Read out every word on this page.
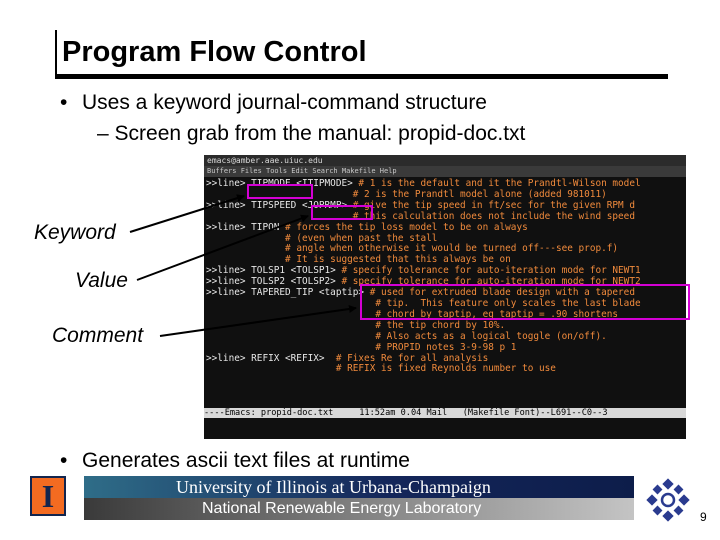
Program Flow Control
• Uses a keyword journal-command structure
– Screen grab from the manual: propid-doc.txt
emacs@amber.aae.uiuc.edu
Buffers Files Tools Edit Search Makefile Help
>>line> TIPMODE <ITIPMODE> # 1 is the default and it the Prandtl-Wilson model
# 2 is the Prandtl model alone (added 981011)
>>line> TIPSPEED <JOPRMP> # give the tip speed in ft/sec for the given RPM d
# this calculation does not include the wind speed
>>line> TIPON # forces the tip loss model to be on always
# (even when past the stall
# angle when otherwise it would be turned off---see prop.f)
# It is suggested that this always be on
>>line> TOLSP1 <TOLSP1> # specify tolerance for auto-iteration mode for NEWT1
>>line> TOLSP2 <TOLSP2> # specify tolerance for auto-iteration mode for NEWT2
>>line> TAPERED_TIP <taptip> # used for extruded blade design with a tapered
# tip.  This feature only scales the last blade
# chord by taptip, eg taptip = .90 shortens
# the tip chord by 10%.
# Also acts as a logical toggle (on/off).
# PROPID notes 3-9-98 p 1
>>line> REFIX <REFIX>  # Fixes Re for all analysis
# REFIX is fixed Reynolds number to use
----Emacs: propid-doc.txt     11:52am 0.04 Mail   (Makefile Font)--L691--C0--3
Keyword
Value
Comment
• Generates ascii text files at runtime
I	University of Illinois at Urbana-Champaign
National Renewable Energy Laboratory	9
